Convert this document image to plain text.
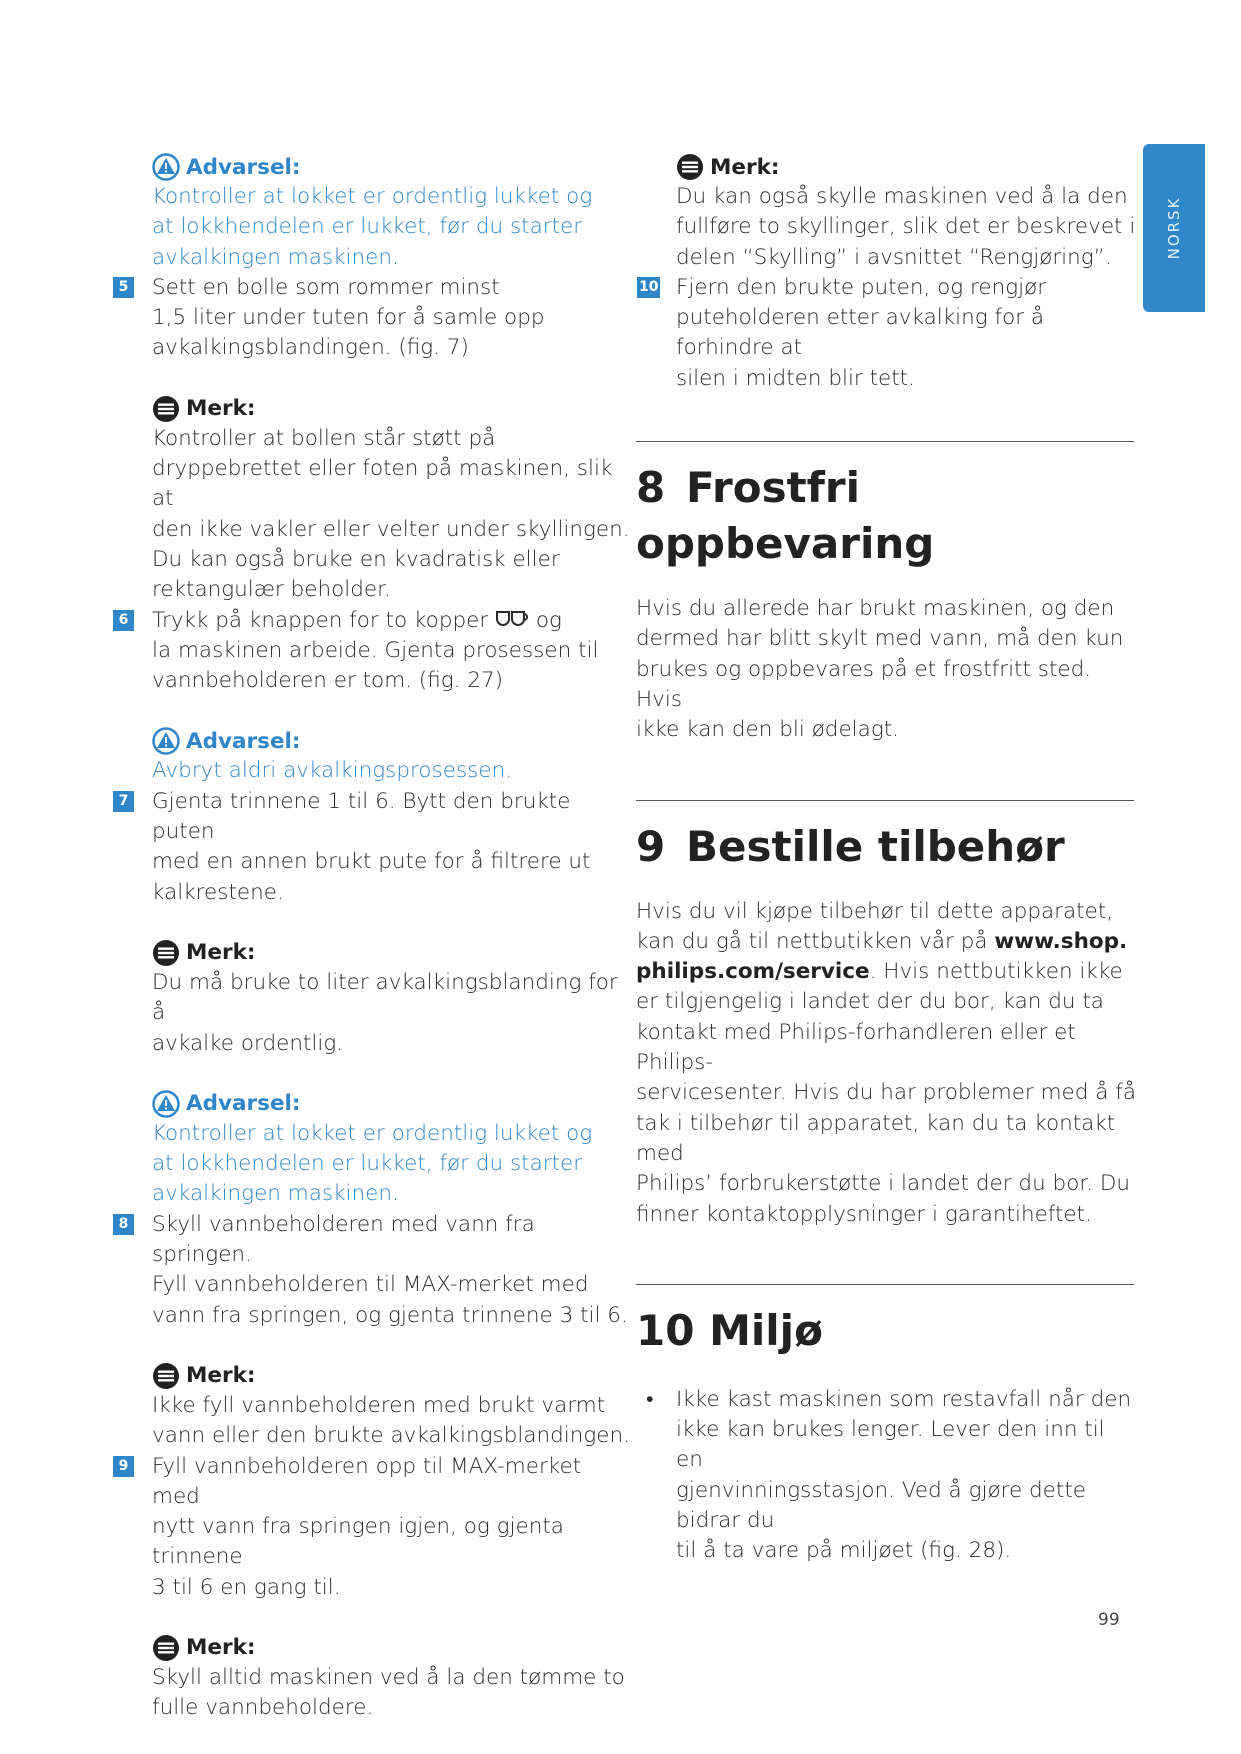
NORSK
Advarsel:

Kontroller at lokket er ordentlig lukket og
at lokkhendelen er lukket, før du starter
avkalkingen maskinen.

5 Sett en bolle som rommer minst
1,5 liter under tuten for å samle opp
avkalkingsblandingen. (fig. 7)
Merk:

Kontroller at bollen står støtt på
dryppebrettet eller foten på maskinen, slik at
den ikke vakler eller velter under skyllingen.
Du kan også bruke en kvadratisk eller
rektangulær beholder.

6 Trykk på knappen for to kopper  og
la maskinen arbeide. Gjenta prosessen til
vannbeholderen er tom. (fig. 27)
Advarsel:

Avbryt aldri avkalkingsprosessen.

7 Gjenta trinnene 1 til 6. Bytt den brukte puten
med en annen brukt pute for å filtrere ut
kalkrestene.
Merk:

Du må bruke to liter avkalkingsblanding for å
avkalke ordentlig.

Advarsel:

Kontroller at lokket er ordentlig lukket og
at lokkhendelen er lukket, før du starter
avkalkingen maskinen.

8 Skyll vannbeholderen med vann fra springen.
Fyll vannbeholderen til MAX-merket med
vann fra springen, og gjenta trinnene 3 til 6.
Merk:

Ikke fyll vannbeholderen med brukt varmt
vann eller den brukte avkalkingsblandingen.

9 Fyll vannbeholderen opp til MAX-merket med
nytt vann fra springen igjen, og gjenta trinnene
3 til 6 en gang til.
Merk:

Skyll alltid maskinen ved å la den tømme to
fulle vannbeholdere.

Merk:

Du kan også skylle maskinen ved å la den
fullføre to skyllinger, slik det er beskrevet i
delen “Skylling” i avsnittet “Rengjøring”.

10 Fjern den brukte puten, og rengjør
puteholderen etter avkalking for å forhindre at
silen i midten blir tett.
8 Frostfri oppbevaring

Hvis du allerede har brukt maskinen, og den
dermed har blitt skylt med vann, må den kun
brukes og oppbevares på et frostfritt sted. Hvis
ikke kan den bli ødelagt.

9 Bestille tilbehør

Hvis du vil kjøpe tilbehør til dette apparatet,
kan du gå til nettbutikken vår på www.shop.
philips.com/service. Hvis nettbutikken ikke
er tilgjengelig i landet der du bor, kan du ta
kontakt med Philips-forhandleren eller et Philips-
servicesenter. Hvis du har problemer med å få
tak i tilbehør til apparatet, kan du ta kontakt med
Philips’ forbrukerstøtte i landet der du bor. Du
finner kontaktopplysninger i garantiheftet.

10 Miljø
• Ikke kast maskinen som restavfall når den
ikke kan brukes lenger. Lever den inn til en
gjenvinningsstasjon. Ved å gjøre dette bidrar du
til å ta vare på miljøet (fig. 28).
99
